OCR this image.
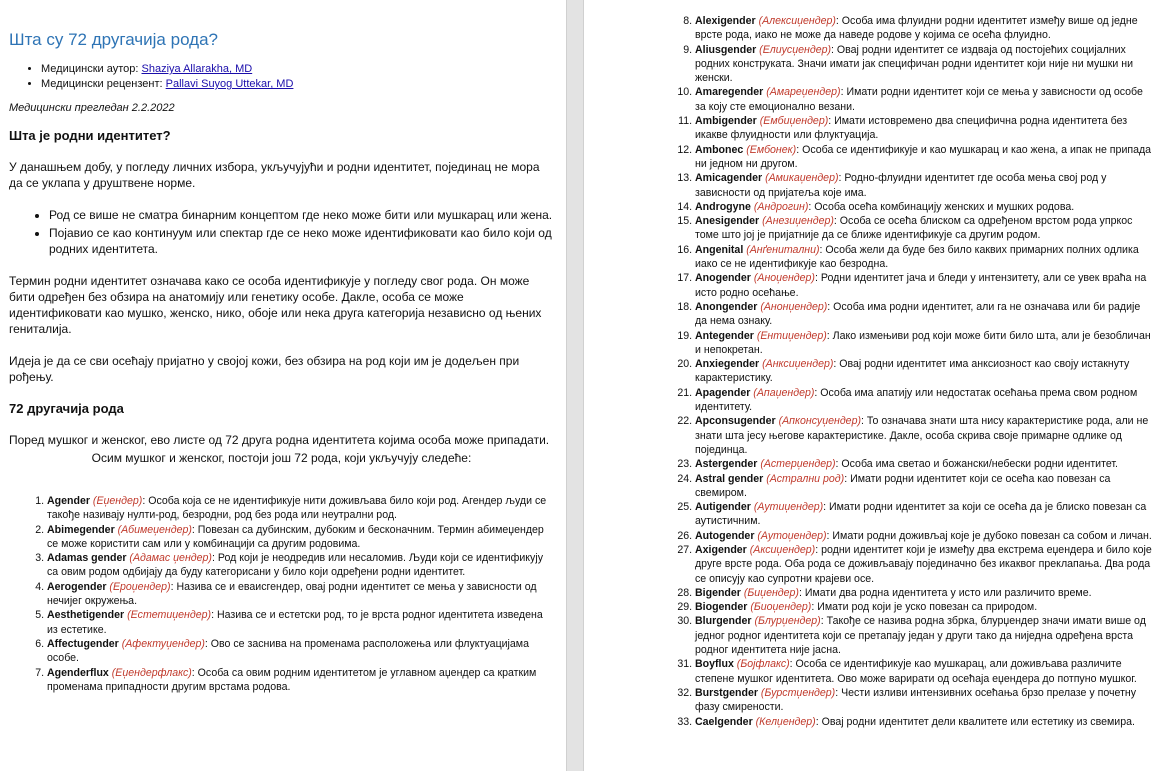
Шта су 72 другачија рода?
• Медицински аутор: Shaziya Allarakha, MD
• Медицински рецензент: Pallavi Suyog Uttekar, MD
Медицински прегледан 2.2.2022
Шта је родни идентитет?

У данашњем добу, у погледу личних избора, укључујући и родни идентитет, појединац не мора да се уклапа у друштвене норме.

• Род се више не сматра бинарним концептом где неко може бити или мушкарац или жена.
• Појавио се као континуум или спектар где се неко може идентификовати као било који од родних идентитета.

Термин родни идентитет означава како се особа идентификује у погледу свог рода. Он може бити одређен без обзира на анатомију или генетику особе. Дакле, особа се може идентификовати као мушко, женско, нико, обоје или нека друга категорија независно од њених гениталија.

Идеја је да се сви осећају пријатно у својој кожи, без обзира на род који им је додељен при рођењу.

72 другачија рода

Поред мушког и женског, ево листе од 72 друга родна идентитета којима особа може припадати.

Осим мушког и женског, постоји још 72 рода, који укључују следеће:
1. Agender (Еџендер): Особа која се не идентификује нити доживљава било који род. Агендер људи се такође називају нулти-род, безродни, род без рода или неутрални род.
2. Abimegender (Абимеџендер): Повезан са дубинским, дубоким и бесконачним. Термин абимеџендер се може користити сам или у комбинацији са другим родовима.
3. Adamas gender (Адамас џендер): Род који је неодредив или несаломив. Људи који се идентификују са овим родом одбијају да буду категорисани у било који одређени родни идентитет.
4. Aerogender (Ероџендер): Назива се и еваисгендер, овај родни идентитет се мења у зависности од нечијег окружења.
5. Aesthetigender (Естетиџендер): Назива се и естетски род, то је врста родног идентитета изведена из естетике.
6. Affectugender (Афектуџендер): Ово се заснива на променама расположења или флуктуацијама особе.
7. Agenderflux (Еџендерфлакс): Особа са овим родним идентитетом је углавном аџендер са кратким променама припадности другим врстама родова.
8. Alexigender (Алексиџендер): Особа има флуидни родни идентитет између више од једне врсте рода, иако не може да наведе родове у којима се осећа флуидно.
9. Aliusgender (Елиусџендер): Овај родни идентитет се издваја од постојећих социјалних родних конструката. Значи имати јак специфичан родни идентитет који није ни мушки ни женски.
10. Amaregender (Амареџендер): Имати родни идентитет који се мења у зависности од особе за коју сте емоционално везани.
11. Ambigender (Ембиџендер): Имати истовремено два специфична родна идентитета без икакве флуидности или флуктуација.
12. Ambonec (Ембонек): Особа се идентификује и као мушкарац и као жена, а ипак не припада ни једном ни другом.
13. Amicagender (Амикаџендер): Родно-флуидни идентитет где особа мења свој род у зависности од пријатеља које има.
14. Androgyne (Андрогин): Особа осећа комбинацију женских и мушких родова.
15. Anesigender (Анезиџендер): Особа се осећа блиском са одређеном врстом рода упркос томе што јој је пријатније да се ближе идентификује са другим родом.
16. Angenital (Анґенитални): Особа жели да буде без било каквих примарних полних одлика иако се не идентификује као безродна.
17. Anogender (Аноџендер): Родни идентитет јача и бледи у интензитету, али се увек враћа на исто родно осећање.
18. Anongender (Анонџендер): Особа има родни идентитет, али га не означава или би радије да нема ознаку.
19. Antegender (Ентиџендер): Лако измењиви род који може бити било шта, али је безобличан и непокретан.
20. Anxiegender (Анксиџендер): Овај родни идентитет има анксиозност као своју истакнуту карактеристику.
21. Apagender (Апаџендер): Особа има апатију или недостатак осећања према свом родном идентитету.
22. Apconsugender (Апконсуџендер): То означава знати шта нису карактеристике рода, али не знати шта јесу његове карактеристике. Дакле, особа скрива своје примарне одлике од појединца.
23. Astergender (Астерџендер): Особа има светао и божански/небески родни идентитет.
24. Astral gender (Астрални род): Имати родни идентитет који се осећа као повезан са свемиром.
25. Autigender (Аутиџендер): Имати родни идентитет за који се осећа да је блиско повезан са аутистичним.
26. Autogender (Аутоџендер): Имати родни доживљај које је дубоко повезан са собом и личан.
27. Axigender (Аксиџендер): родни идентитет који је између два екстрема еџендера и било које друге врсте рода. Оба рода се доживљавају појединачно без икаквог преклапања. Два рода се описују као супротни крајеви осе.
28. Bigender (Биџендер): Имати два родна идентитета у исто или различито време.
29. Biogender (Биоџендер): Имати род који је уско повезан са природом.
30. Blurgender (Блурџендер): Такође се назива родна збрка, блурџендер значи имати више од једног родног идентитета који се претапају један у други тако да ниједна одређена врста родног идентитета није јасна.
31. Boyflux (Бојфлакс): Особа се идентификује као мушкарац, али доживљава различите степене мушког идентитета. Ово може варирати од осећаја еџендера до потпуно мушког.
32. Burstgender (Бурстџендер): Чести изливи интензивних осећања брзо прелазе у почетну фазу смирености.
33. Caelgender (Келџендер): Овај родни идентитет дели квалитете или естетику из свемира.
